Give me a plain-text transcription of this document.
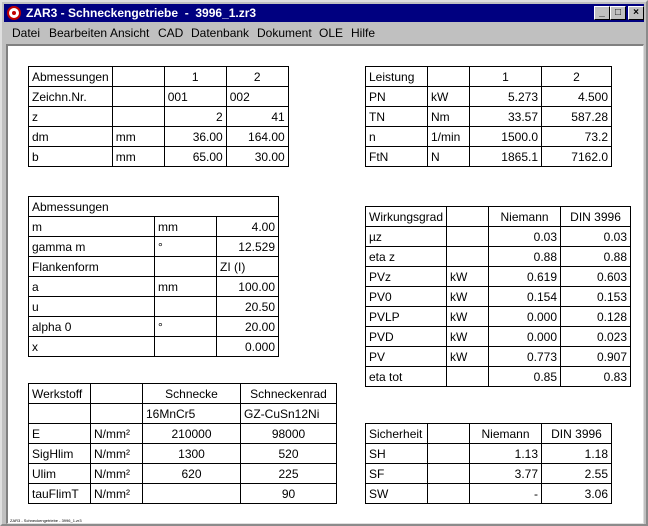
ZAR3 - Schneckengetriebe  -  3996_1.zr3	_	□	×
Datei Bearbeiten Ansicht CAD Datenbank Dokument OLE Hilfe
Abmessungen		1	2
Zeichn.Nr.		001	002
z		2	41
dm	mm	36.00	164.00
b	mm	65.00	30.00
Leistung		1	2
PN	kW	5.273	4.500
TN	Nm	33.57	587.28
n	1/min	1500.0	73.2
FtN	N	1865.1	7162.0
Abmessungen		
m	mm	4.00
gamma m	°	12.529
Flankenform		ZI (I)
a	mm	100.00
u		20.50
alpha 0	°	20.00
x		0.000
Wirkungsgrad		Niemann	DIN 3996
µz		0.03	0.03
eta z		0.88	0.88
PVz	kW	0.619	0.603
PV0	kW	0.154	0.153
PVLP	kW	0.000	0.128
PVD	kW	0.000	0.023
PV	kW	0.773	0.907
eta tot		0.85	0.83
Werkstoff		Schnecke	Schneckenrad
		16MnCr5	GZ-CuSn12Ni
E	N/mm²	210000	98000
SigHlim	N/mm²	1300	520
Ulim	N/mm²	620	225
tauFlimT	N/mm²		90
Sicherheit		Niemann	DIN 3996
SH		1.13	1.18
SF		3.77	2.55
SW		-	3.06
ZAR3 - Schneckengetriebe - 3996_1.zr3
